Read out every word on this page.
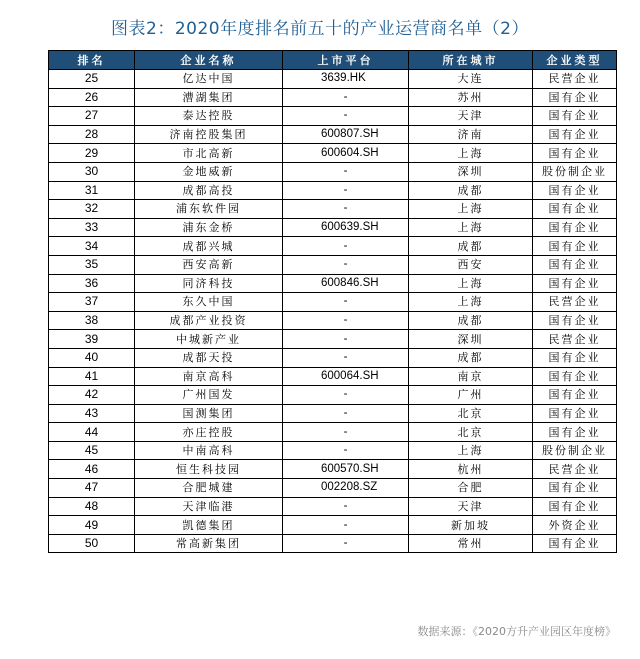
图表2：2020年度排名前五十的产业运营商名单（2）
排名	企业名称	上市平台	所在城市	企业类型
25	亿达中国	3639.HK	大连	民营企业
26	漕湖集团	-	苏州	国有企业
27	泰达控股	-	天津	国有企业
28	济南控股集团	600807.SH	济南	国有企业
29	市北高新	600604.SH	上海	国有企业
30	金地威新	-	深圳	股份制企业
31	成都高投	-	成都	国有企业
32	浦东软件园	-	上海	国有企业
33	浦东金桥	600639.SH	上海	国有企业
34	成都兴城	-	成都	国有企业
35	西安高新	-	西安	国有企业
36	同济科技	600846.SH	上海	国有企业
37	东久中国	-	上海	民营企业
38	成都产业投资	-	成都	国有企业
39	中城新产业	-	深圳	民营企业
40	成都天投	-	成都	国有企业
41	南京高科	600064.SH	南京	国有企业
42	广州国发	-	广州	国有企业
43	国测集团	-	北京	国有企业
44	亦庄控股	-	北京	国有企业
45	中南高科	-	上海	股份制企业
46	恒生科技园	600570.SH	杭州	民营企业
47	合肥城建	002208.SZ	合肥	国有企业
48	天津临港	-	天津	国有企业
49	凯德集团	-	新加坡	外资企业
50	常高新集团	-	常州	国有企业
数据来源：《2020方升产业园区年度榜》
